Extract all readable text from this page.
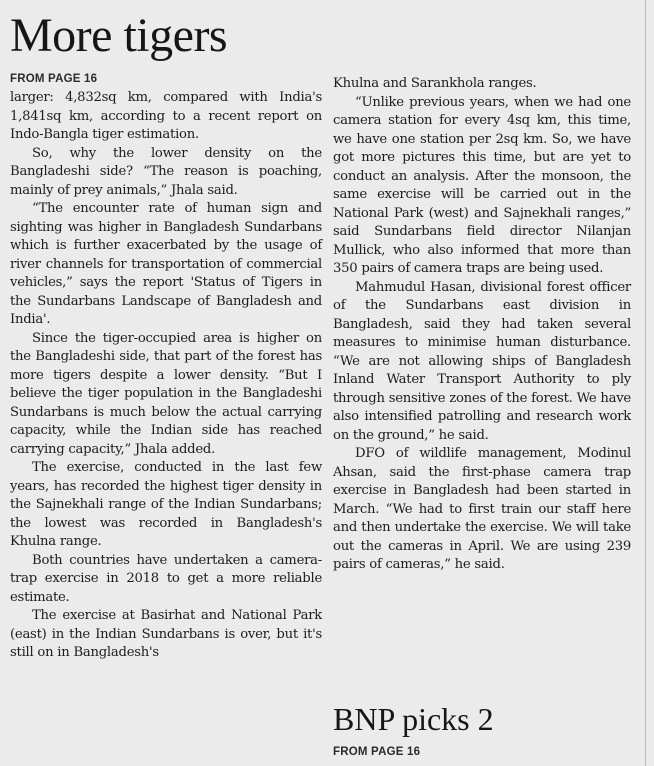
More tigers
FROM PAGE 16

larger: 4,832sq km, compared with India's 1,841sq km, according to a recent report on Indo-Bangla tiger estimation.

So, why the lower density on the Bangladeshi side? “The reason is poaching, mainly of prey animals,” Jhala said.

“The encounter rate of human sign and sighting was higher in Bangladesh Sundarbans which is further exacerbated by the usage of river channels for transportation of commercial vehicles,” says the report 'Status of Tigers in the Sundarbans Landscape of Bangladesh and India'.

Since the tiger-occupied area is higher on the Bangladeshi side, that part of the forest has more tigers despite a lower density. “But I believe the tiger population in the Bangladeshi Sundarbans is much below the actual carrying capacity, while the Indian side has reached carrying capacity,” Jhala added.

The exercise, conducted in the last few years, has recorded the highest tiger density in the Sajnekhali range of the Indian Sundarbans; the lowest was recorded in Bangladesh's Khulna range.

Both countries have undertaken a camera-trap exercise in 2018 to get a more reliable estimate.

The exercise at Basirhat and National Park (east) in the Indian Sundarbans is over, but it's still on in Bangladesh's

Khulna and Sarankhola ranges.

“Unlike previous years, when we had one camera station for every 4sq km, this time, we have one station per 2sq km. So, we have got more pictures this time, but are yet to conduct an analysis. After the monsoon, the same exercise will be carried out in the National Park (west) and Sajnekhali ranges,” said Sundarbans field director Nilanjan Mullick, who also informed that more than 350 pairs of camera traps are being used.

Mahmudul Hasan, divisional forest officer of the Sundarbans east division in Bangladesh, said they had taken several measures to minimise human disturbance. “We are not allowing ships of Bangladesh Inland Water Transport Authority to ply through sensitive zones of the forest. We have also intensified patrolling and research work on the ground,” he said.

DFO of wildlife management, Modinul Ahsan, said the first-phase camera trap exercise in Bangladesh had been started in March. “We had to first train our staff here and then undertake the exercise. We will take out the cameras in April. We are using 239 pairs of cameras,” he said.

BNP picks 2
FROM PAGE 16
